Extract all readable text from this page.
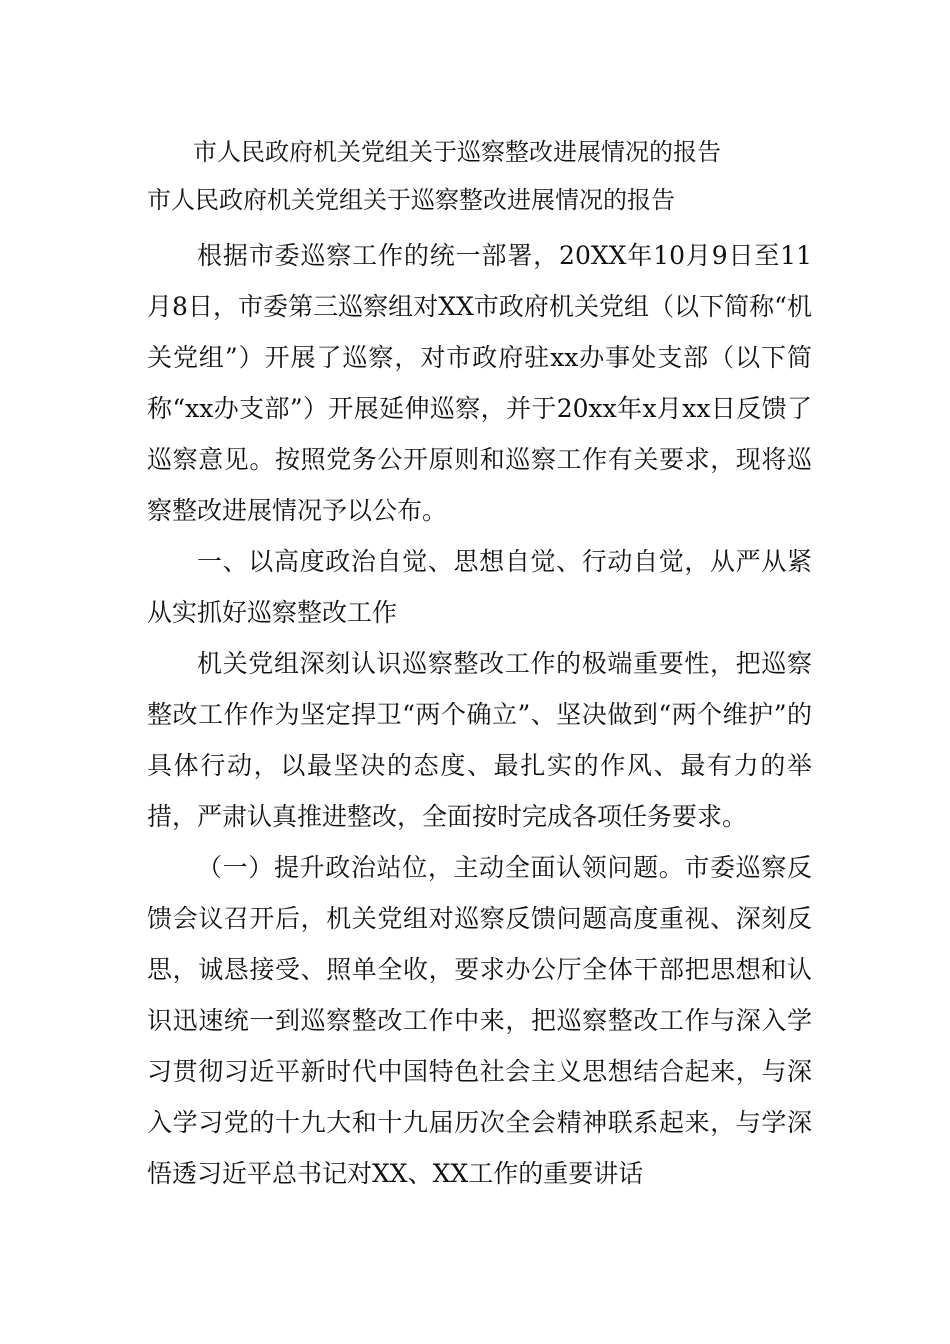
市人民政府机关党组关于巡察整改进展情况的报告
市人民政府机关党组关于巡察整改进展情况的报告

根据市委巡察工作的统一部署，20XX年10月9日至11月8日，市委第三巡察组对XX市政府机关党组（以下简称“机关党组”）开展了巡察，对市政府驻xx办事处支部（以下简称“xx办支部”）开展延伸巡察，并于20xx年x月xx日反馈了巡察意见。按照党务公开原则和巡察工作有关要求，现将巡察整改进展情况予以公布。

一、以高度政治自觉、思想自觉、行动自觉，从严从紧从实抓好巡察整改工作

机关党组深刻认识巡察整改工作的极端重要性，把巡察整改工作作为坚定捍卫“两个确立”、坚决做到“两个维护”的具体行动，以最坚决的态度、最扎实的作风、最有力的举措，严肃认真推进整改，全面按时完成各项任务要求。

（一）提升政治站位，主动全面认领问题。市委巡察反馈会议召开后，机关党组对巡察反馈问题高度重视、深刻反思，诚恳接受、照单全收，要求办公厅全体干部把思想和认识迅速统一到巡察整改工作中来，把巡察整改工作与深入学习贯彻习近平新时代中国特色社会主义思想结合起来，与深入学习党的十九大和十九届历次全会精神联系起来，与学深悟透习近平总书记对XX、XX工作的重要讲话
